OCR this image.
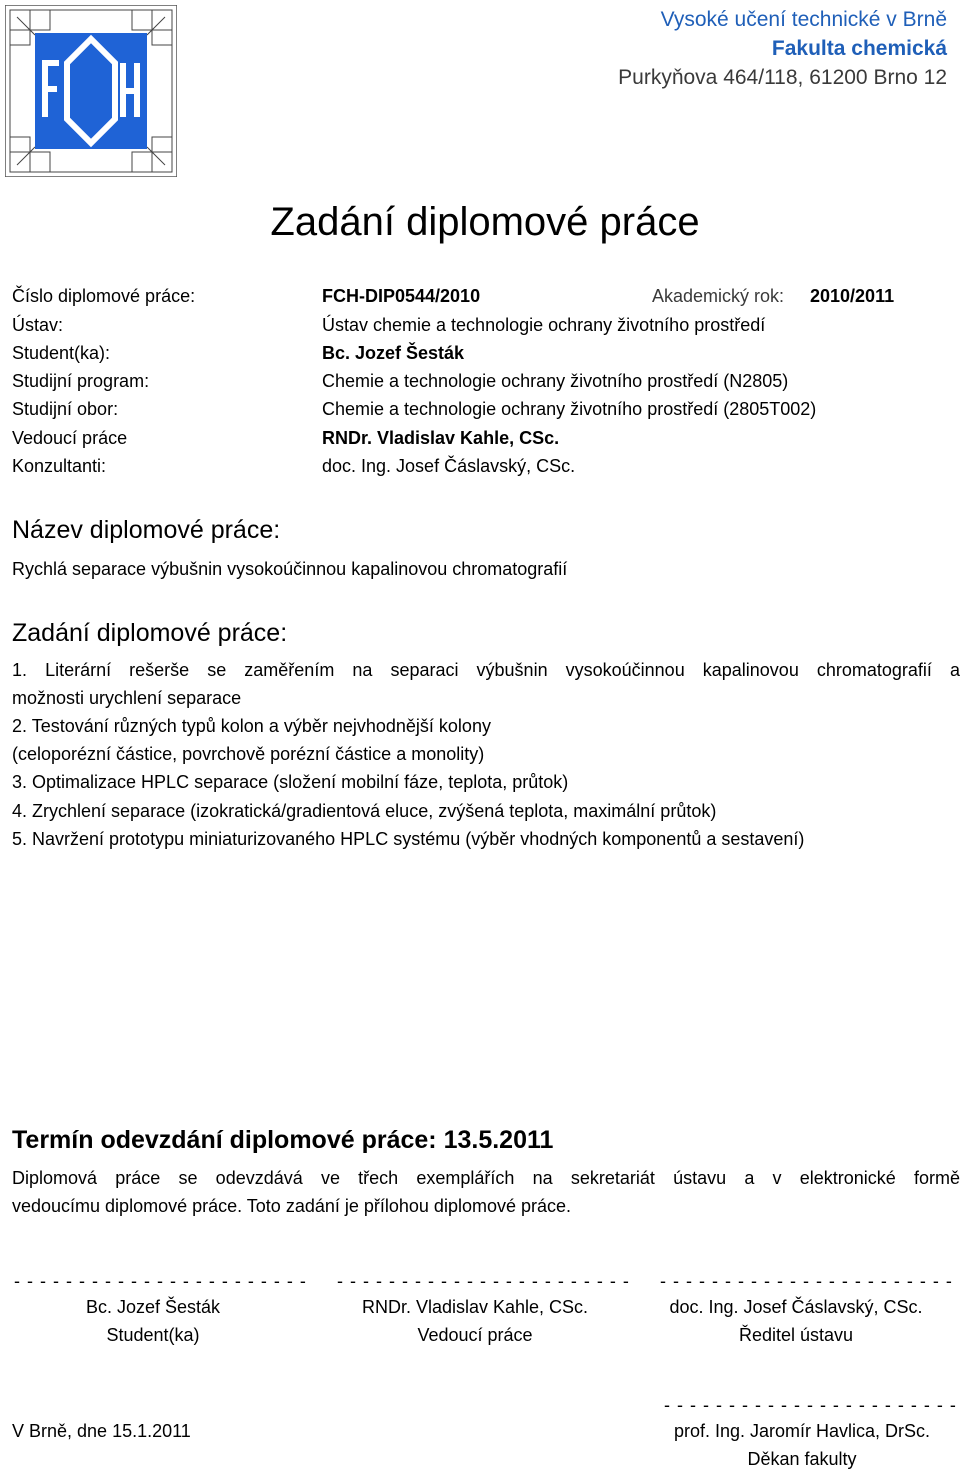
Vysoké učení technické v Brně
Fakulta chemická
Purkyňova 464/118, 61200 Brno 12
Zadání diplomové práce
Číslo diplomové práce:	FCH-DIP0544/2010	Akademický rok: 2010/2011
Ústav:	Ústav chemie a technologie ochrany životního prostředí
Student(ka):	Bc. Jozef Šesták
Studijní program:	Chemie a technologie ochrany životního prostředí (N2805)
Studijní obor:	Chemie a technologie ochrany životního prostředí (2805T002)
Vedoucí práce	RNDr. Vladislav Kahle, CSc.
Konzultanti:	doc. Ing. Josef Čáslavský, CSc.
Název diplomové práce:
Rychlá separace výbušnin vysokoúčinnou kapalinovou chromatografií
Zadání diplomové práce:
1. Literární rešerše se zaměřením na separaci výbušnin vysokoúčinnou kapalinovou chromatografií a
možnosti urychlení separace
2. Testování různých typů kolon a výběr nejvhodnější kolony
(celoporézní částice, povrchově porézní částice a monolity)
3. Optimalizace HPLC separace (složení mobilní fáze, teplota, průtok)
4. Zrychlení separace (izokratická/gradientová eluce, zvýšená teplota, maximální průtok)
5. Navržení prototypu miniaturizovaného HPLC systému (výběr vhodných komponentů a sestavení)
Termín odevzdání diplomové práce: 13.5.2011
Diplomová práce se odevzdává ve třech exemplářích na sekretariát ústavu a v elektronické formě
vedoucímu diplomové práce. Toto zadání je přílohou diplomové práce.
- - - - - - - - - - - - - - - - - - - - - - - - - - - - - - - - - - - - - - - - - - - - - - - - - - - - - - - - - - - - - - - - - - - - -
Bc. Jozef Šesták	RNDr. Vladislav Kahle, CSc.	doc. Ing. Josef Čáslavský, CSc.
Student(ka)	Vedoucí práce	Ředitel ústavu
- - - - - - - - - - - - - - - - - - - - - - -
V Brně, dne 15.1.2011	prof. Ing. Jaromír Havlica, DrSc.
Děkan fakulty
